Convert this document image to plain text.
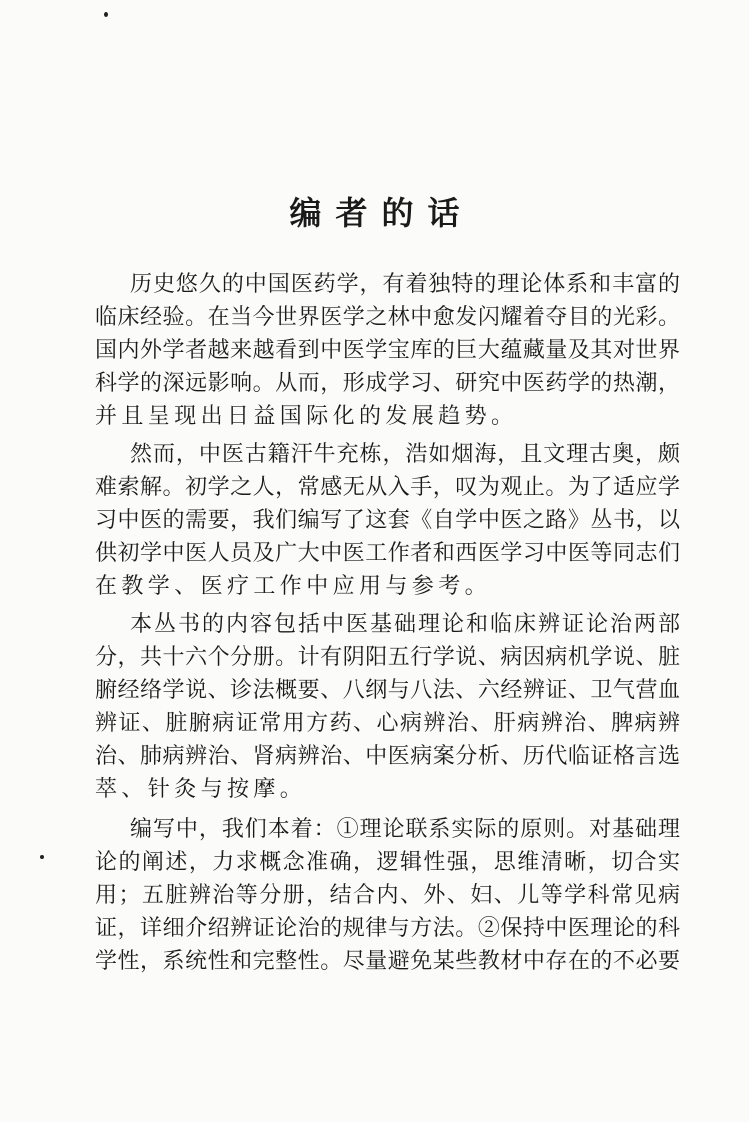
编者的话
历史悠久的中国医药学，有着独特的理论体系和丰富的
临床经验。在当今世界医学之林中愈发闪耀着夺目的光彩。
国内外学者越来越看到中医学宝库的巨大蕴藏量及其对世界
科学的深远影响。从而，形成学习、研究中医药学的热潮，
并且呈现出日益国际化的发展趋势。
然而，中医古籍汗牛充栋，浩如烟海，且文理古奥，颇
难索解。初学之人，常感无从入手，叹为观止。为了适应学
习中医的需要，我们编写了这套《自学中医之路》丛书，以
供初学中医人员及广大中医工作者和西医学习中医等同志们
在教学、医疗工作中应用与参考。
本丛书的内容包括中医基础理论和临床辨证论治两部
分，共十六个分册。计有阴阳五行学说、病因病机学说、脏
腑经络学说、诊法概要、八纲与八法、六经辨证、卫气营血
辨证、脏腑病证常用方药、心病辨治、肝病辨治、脾病辨
治、肺病辨治、肾病辨治、中医病案分析、历代临证格言选
萃、针灸与按摩。
编写中，我们本着：①理论联系实际的原则。对基础理
论的阐述，力求概念准确，逻辑性强，思维清晰，切合实
用；五脏辨治等分册，结合内、外、妇、儿等学科常见病
证，详细介绍辨证论治的规律与方法。②保持中医理论的科
学性，系统性和完整性。尽量避免某些教材中存在的不必要
